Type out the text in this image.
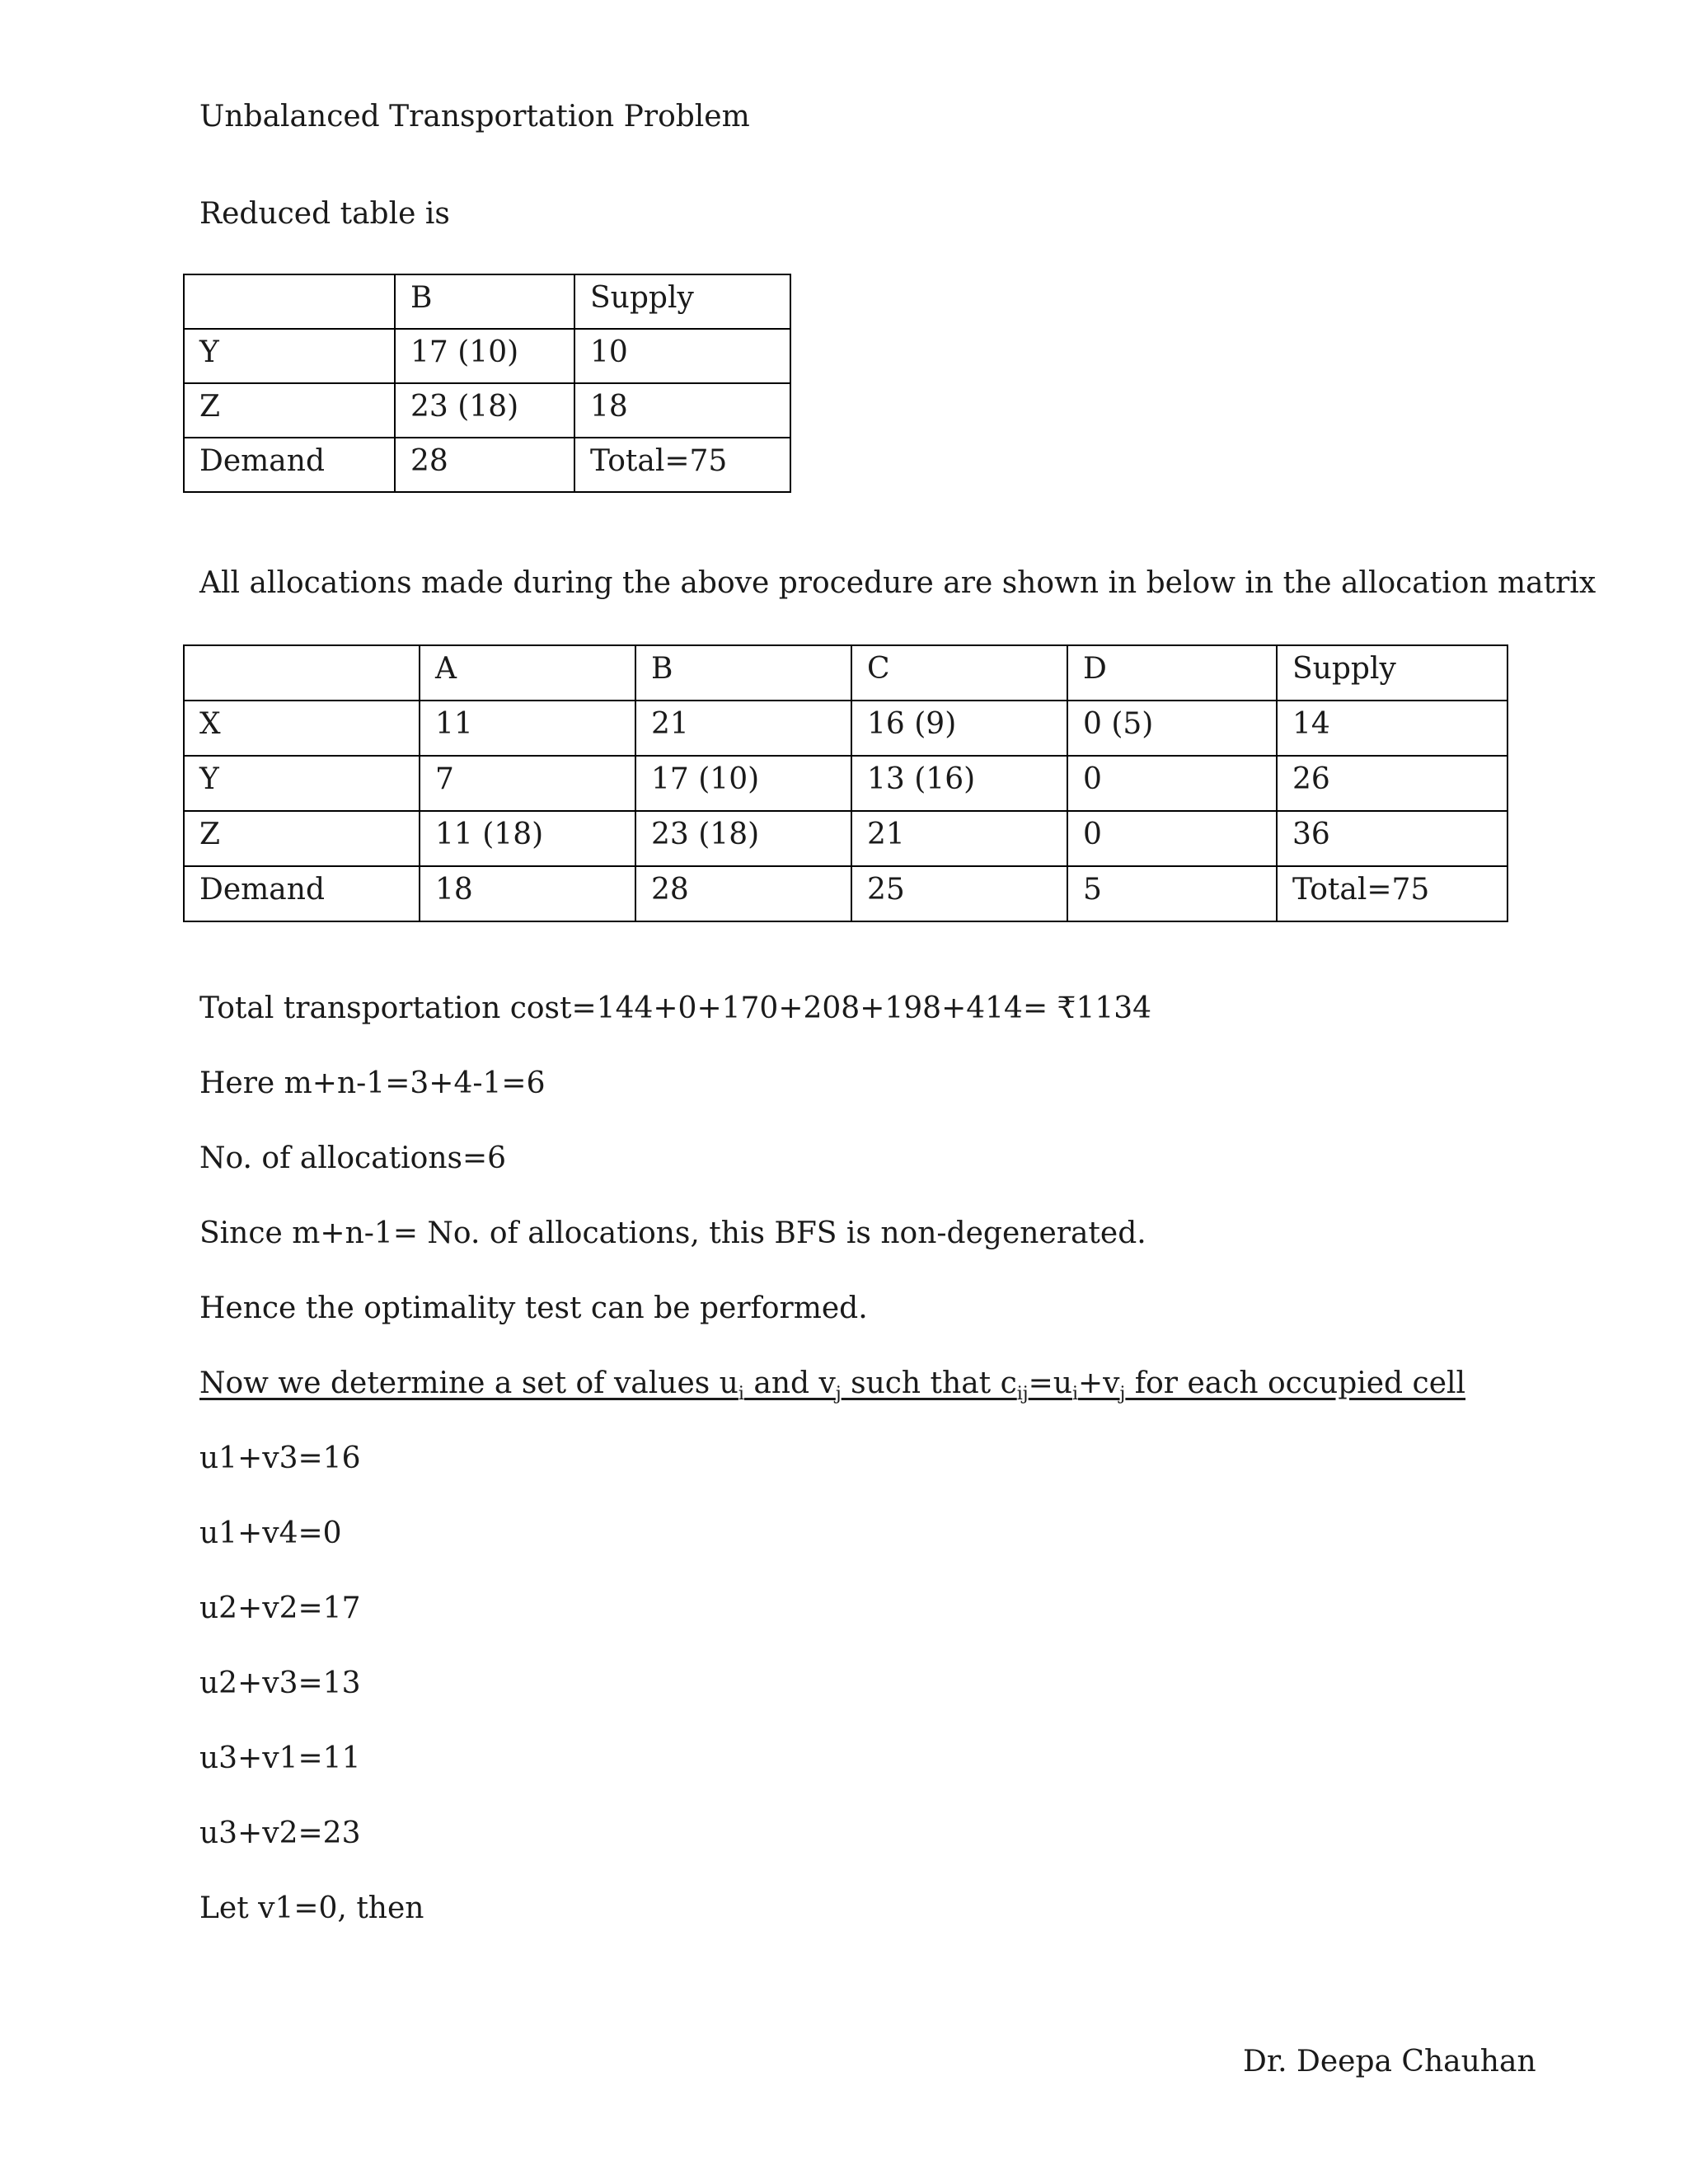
Unbalanced Transportation Problem

Reduced table is

	B	Supply
Y	17 (10)	10
Z	23 (18)	18
Demand	28	Total=75

All allocations made during the above procedure are shown in below in the allocation matrix

	A	B	C	D	Supply
X	11	21	16 (9)	0 (5)	14
Y	7	17 (10)	13 (16)	0	26
Z	11 (18)	23 (18)	21	0	36
Demand	18	28	25	5	Total=75

Total transportation cost=144+0+170+208+198+414= ₹1134

Here m+n-1=3+4-1=6

No. of allocations=6

Since m+n-1= No. of allocations, this BFS is non-degenerated.

Hence the optimality test can be performed.

Now we determine a set of values $u_i$ and $v_j$ such that $c_{ij}=u_i+v_j$ for each occupied cell

u1+v3=16

u1+v4=0

u2+v2=17

u2+v3=13

u3+v1=11

u3+v2=23

Let v1=0, then

Dr. Deepa Chauhan
